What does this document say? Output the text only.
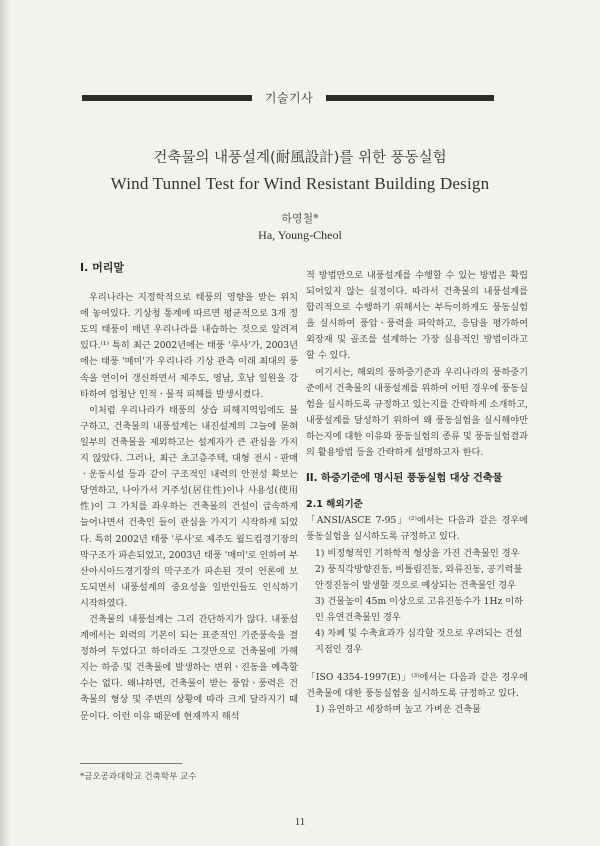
기술기사
건축물의 내풍설계(耐風設計)를 위한 풍동실험
Wind Tunnel Test for Wind Resistant Building Design
하영철*
Ha, Young-Cheol

I. 머리말

우리나라는 지정학적으로 태풍의 영향을 받는 위치에 놓여있다. 기상청 통계에 따르면 평균적으로 3개 정도의 태풍이 매년 우리나라를 내습하는 것으로 알려져 있다.⁽¹⁾ 특히 최근 2002년에는 태풍 '루사'가, 2003년에는 태풍 '매미'가 우리나라 기상 관측 이래 최대의 풍속을 연이어 갱신하면서 제주도, 영남, 호남 일원을 강타하여 엄청난 인적ㆍ물적 피해를 발생시켰다.

이처럼 우리나라가 태풍의 상습 피해지역임에도 불구하고, 건축물의 내풍설계는 내진설계의 그늘에 묻혀 일부의 건축물을 제외하고는 설계자가 큰 관심을 가지지 않았다. 그러나, 최근 초고층주택, 대형 전시ㆍ판매ㆍ운동시설 등과 같이 구조적인 내력의 안전성 확보는 당연하고, 나아가서 거주성(居住性)이나 사용성(使用性)이 그 가치를 좌우하는 건축물의 건설이 급속하게 늘어나면서 건축인 들이 관심을 가지기 시작하게 되었다. 특히 2002년 태풍 '루사'로 제주도 월드컵경기장의 막구조가 파손되었고, 2003년 태풍 '매미'로 인하여 부산아시아드경기장의 막구조가 파손된 것이 언론에 보도되면서 내풍설계의 중요성을 일반인들도 인식하기 시작하였다.

건축물의 내풍설계는 그리 간단하지가 않다. 내풍설계에서는 외력의 기본이 되는 표준적인 기준풍속을 결정하여 두었다고 하더라도 그것만으로 건축물에 가해지는 하중 및 건축물에 발생하는 변위ㆍ진동을 예측할 수는 없다. 왜냐하면, 건축물이 받는 풍압ㆍ풍력은 건축물의 형상 및 주변의 상황에 따라 크게 달라지기 때문이다. 이런 이유 때문에 현재까지 해석

적 방법만으로 내풍설계를 수행할 수 있는 방법은 확립되어있지 않는 실정이다. 따라서 건축물의 내풍설계를 합리적으로 수행하기 위해서는 부득이하게도 풍동실험을 실시하여 풍압ㆍ풍력을 파악하고, 응답을 평가하여 외장재 및 골조를 설계하는 가장 실용적인 방법이라고 할 수 있다.

여기서는, 해외의 풍하중기준과 우리나라의 풍하중기준에서 건축물의 내풍설계를 위하여 어떤 경우에 풍동실험을 실시하도록 규정하고 있는지를 간략하게 소개하고, 내풍설계를 달성하기 위하여 왜 풍동실험을 실시해야만 하는지에 대한 이유와 풍동실험의 종류 및 풍동실험결과의 활용방법 등을 간략하게 설명하고자 한다.

II. 하중기준에 명시된 풍동실험 대상 건축물

2.1 해외기준

「ANSI/ASCE 7-95」⁽²⁾에서는 다음과 같은 경우에 풍동실험을 실시하도록 규정하고 있다.

1) 비정형적인 기하학적 형상을 가진 건축물인 경우

2) 풍직각방향진동, 비틀림진동, 와류진동, 공기력불안정진동이 발생할 것으로 예상되는 건축물인 경우

3) 건물높이 45m 이상으로 고유진동수가 1Hz 이하인 유연건축물인 경우

4) 차폐 및 수축효과가 심각할 것으로 우려되는 건설지점인 경우

「ISO 4354-1997(E)」⁽³⁾에서는 다음과 같은 경우에 건축물에 대한 풍동실험을 실시하도록 규정하고 있다.

1) 유연하고 세장하며 높고 가벼운 건축물

*금오공과대학교 건축학부 교수
11
